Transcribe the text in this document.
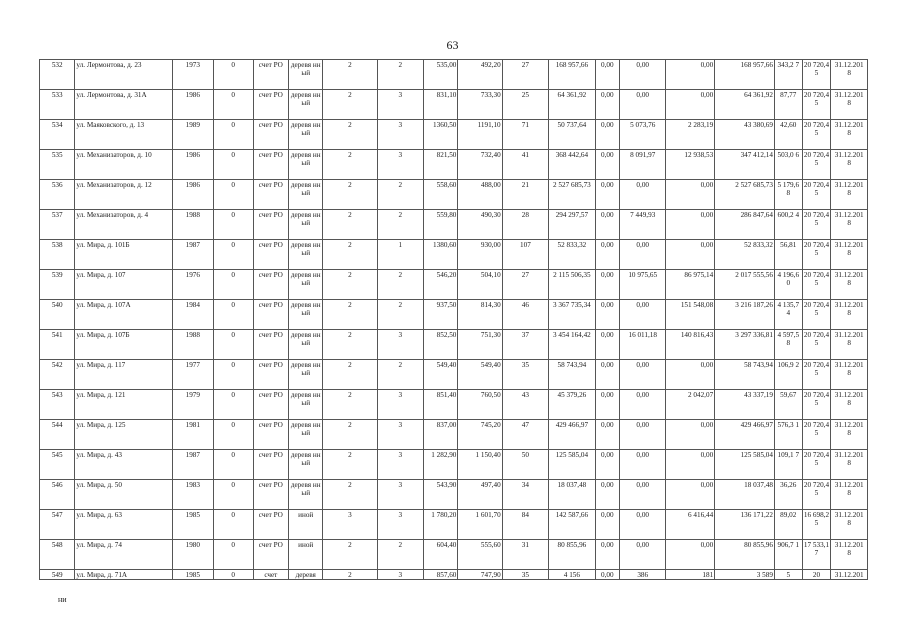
63
532	ул. Лермонтова, д. 23	1973	0	счет РО	деревя нный	2	2	535,00	492,20	27	168 957,66	0,00	0,00	0,00	168 957,66	343,2 7	20 720,4 5	31.12.201 8
533	ул. Лермонтова, д. 31А	1986	0	счет РО	деревя нный	2	3	831,10	733,30	25	64 361,92	0,00	0,00	0,00	64 361,92	87,77	20 720,4 5	31.12.201 8
534	ул. Маяковского, д. 13	1989	0	счет РО	деревя нный	2	3	1360,50	1191,10	71	50 737,64	0,00	5 073,76	2 283,19	43 380,69	42,60	20 720,4 5	31.12.201 8
535	ул. Механизаторов, д. 10	1986	0	счет РО	деревя нный	2	3	821,50	732,40	41	368 442,64	0,00	8 091,97	12 938,53	347 412,14	503,0 6	20 720,4 5	31.12.201 8
536	ул. Механизаторов, д. 12	1986	0	счет РО	деревя нный	2	2	558,60	488,00	21	2 527 685,73	0,00	0,00	0,00	2 527 685,73	5 179,6 8	20 720,4 5	31.12.201 8
537	ул. Механизаторов, д. 4	1988	0	счет РО	деревя нный	2	2	559,80	490,30	28	294 297,57	0,00	7 449,93	0,00	286 847,64	600,2 4	20 720,4 5	31.12.201 8
538	ул. Мира, д. 101Б	1987	0	счет РО	деревя нный	2	1	1380,60	930,00	107	52 833,32	0,00	0,00	0,00	52 833,32	56,81	20 720,4 5	31.12.201 8
539	ул. Мира, д. 107	1976	0	счет РО	деревя нный	2	2	546,20	504,10	27	2 115 506,35	0,00	10 975,65	86 975,14	2 017 555,56	4 196,6 0	20 720,4 5	31.12.201 8
540	ул. Мира, д. 107А	1984	0	счет РО	деревя нный	2	2	937,50	814,30	46	3 367 735,34	0,00	0,00	151 548,08	3 216 187,26	4 135,7 4	20 720,4 5	31.12.201 8
541	ул. Мира, д. 107Б	1988	0	счет РО	деревя нный	2	3	852,50	751,30	37	3 454 164,42	0,00	16 011,18	140 816,43	3 297 336,81	4 597,5 8	20 720,4 5	31.12.201 8
542	ул. Мира, д. 117	1977	0	счет РО	деревя нный	2	2	549,40	549,40	35	58 743,94	0,00	0,00	0,00	58 743,94	106,9 2	20 720,4 5	31.12.201 8
543	ул. Мира, д. 121	1979	0	счет РО	деревя нный	2	3	851,40	760,50	43	45 379,26	0,00	0,00	2 042,07	43 337,19	59,67	20 720,4 5	31.12.201 8
544	ул. Мира, д. 125	1981	0	счет РО	деревя нный	2	3	837,00	745,20	47	429 466,97	0,00	0,00	0,00	429 466,97	576,3 1	20 720,4 5	31.12.201 8
545	ул. Мира, д. 43	1987	0	счет РО	деревя нный	2	3	1 282,90	1 150,40	50	125 585,04	0,00	0,00	0,00	125 585,04	109,1 7	20 720,4 5	31.12.201 8
546	ул. Мира, д. 50	1983	0	счет РО	деревя нный	2	3	543,90	497,40	34	18 037,48	0,00	0,00	0,00	18 037,48	36,26	20 720,4 5	31.12.201 8
547	ул. Мира, д. 63	1985	0	счет РО	иной	3	3	1 780,20	1 601,70	84	142 587,66	0,00	0,00	6 416,44	136 171,22	89,02	16 698,2 5	31.12.201 8
548	ул. Мира, д. 74	1980	0	счет РО	иной	2	2	604,40	555,60	31	80 855,96	0,00	0,00	0,00	80 855,96	906,7 1	17 533,1 7	31.12.201 8
549	ул. Мира, д. 71А	1985	0	счет	деревя	2	3	857,60	747,90	35	4 156	0,00	386	181	3 589	5	20	31.12.201
ни
